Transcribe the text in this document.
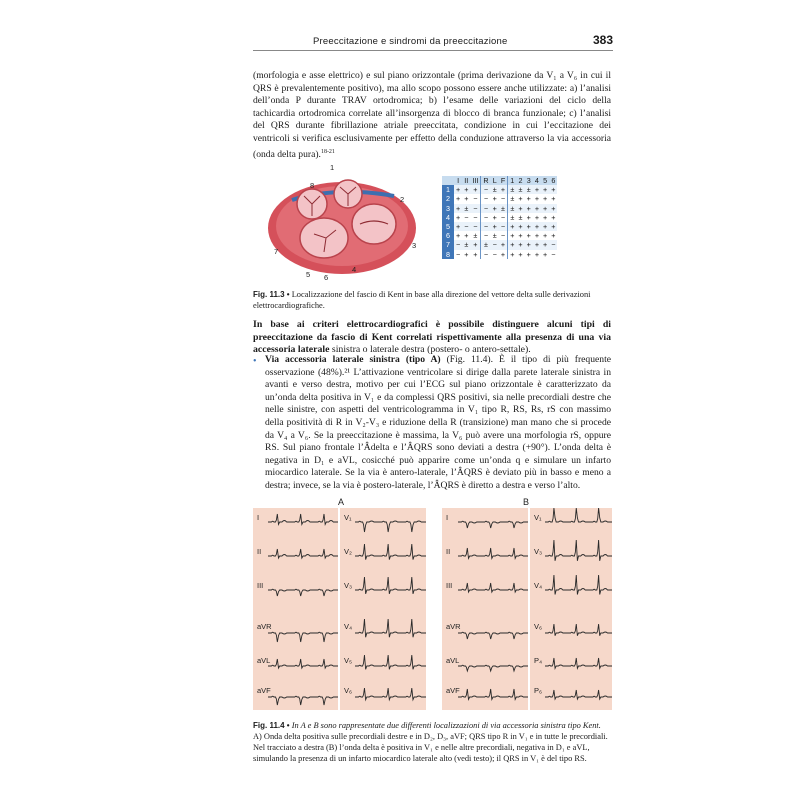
Preeccitazione e sindromi da preeccitazione	383

(morfologia e asse elettrico) e sul piano orizzontale (prima derivazione da V₁ a V₆ in cui il QRS è prevalentemente positivo), ma allo scopo possono essere anche utilizzate: a) l’analisi dell’onda P durante TRAV ortodromica; b) l’esame delle variazioni del ciclo della tachicardia ortodromica correlate all’insorgenza di blocco di branca funzionale; c) l’analisi del QRS durante fibrillazione atriale preeccitata, condizione in cui l’eccitazione dei ventricoli si verifica esclusivamente per effetto della conduzione attraverso la via accessoria (onda delta pura).$^{18-21}$

1
2
3
4
5 6
7
8
	I	II	III	R	L	F	1	2	3	4	5	6
1	+	+	+	−	±	+	±	±	±	+	+	+
2	+	+	−	−	+	−	±	+	+	+	+	+
3	+	±	−	−	+	±	±	+	+	+	+	+
4	+	−	−	−	+	−	±	±	+	+	+	+
5	+	−	−	−	+	−	+	+	+	+	+	+
6	+	+	±	−	±	−	+	+	+	+	+	+
7	−	±	+	±	−	+	+	+	+	+	+	−
8	−	+	+	−	−	+	+	+	+	+	+	−
Fig. 11.3 • Localizzazione del fascio di Kent in base alla direzione del vettore delta sulle derivazioni elettrocardiografiche.

In base ai criteri elettrocardiografici è possibile distinguere alcuni tipi di preeccitazione da fascio di Kent correlati rispettivamente alla presenza di una via accessoria laterale sinistra o laterale destra (postero- o antero-settale).

• Via accessoria laterale sinistra (tipo A) (Fig. 11.4). È il tipo di più frequente osservazione (48%).²¹ L’attivazione ventricolare si dirige dalla parete laterale sinistra in avanti e verso destra, motivo per cui l’ECG sul piano orizzontale è caratterizzato da un’onda delta positiva in V₁ e da complessi QRS positivi, sia nelle precordiali destre che nelle sinistre, con aspetti del ventricologramma in V₁ tipo R, RS, Rs, rS con massimo della positività di R in V₂-V₃ e riduzione della R (transizione) man mano che si procede da V₄ a V₆. Se la preeccitazione è massima, la V₆ può avere una morfologia rS, oppure RS. Sul piano frontale l’Âdelta e l’ÂQRS sono deviati a destra (+90°). L’onda delta è negativa in D₁ e aVL, cosicché può apparire come un’onda q e simulare un infarto miocardico laterale. Se la via è antero-laterale, l’ÂQRS è deviato più in basso e meno a destra; invece, se la via è postero-laterale, l’ÂQRS è diretto a destra e verso l’alto.

A	B
I
II
III
aVR
aVL
aVF
V₁
V₂
V₃
V₄
V₅
V₆
I
II
III
aVR
aVL
aVF
V₁
V₃
V₄
V₆
P₄
P₆
Fig. 11.4 • In A e B sono rappresentate due differenti localizzazioni di via accessoria sinistra tipo Kent. A) Onda delta positiva sulle precordiali destre e in D₂, D₃, aVF; QRS tipo R in V₁ e in tutte le precordiali. Nel tracciato a destra (B) l’onda delta è positiva in V₁ e nelle altre precordiali, negativa in D₁ e aVL, simulando la presenza di un infarto miocardico laterale alto (vedi testo); il QRS in V₁ è del tipo RS.
